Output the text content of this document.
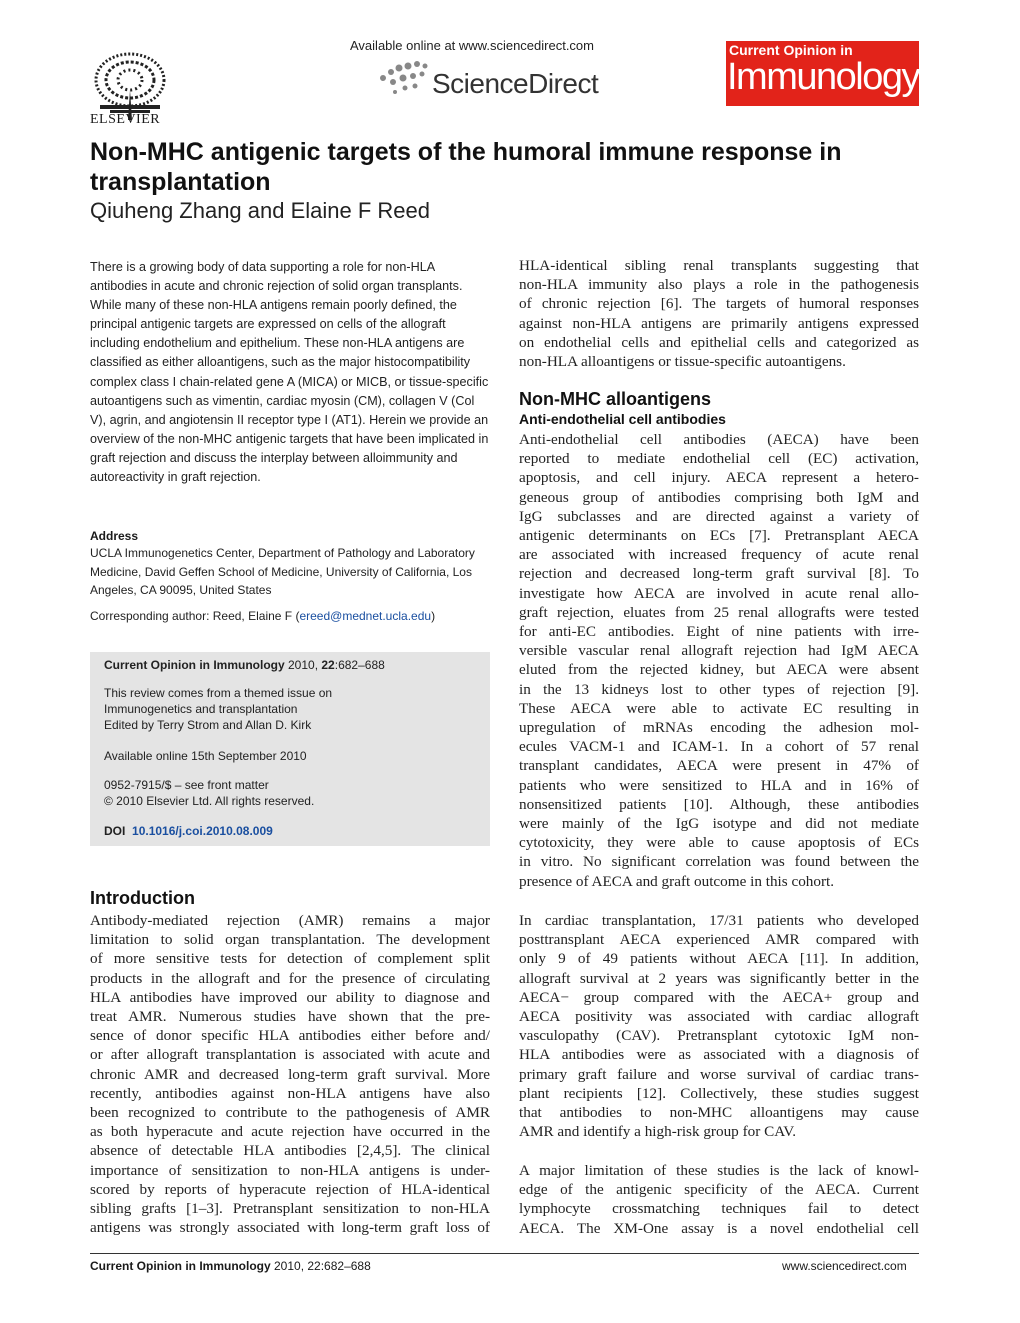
ELSEVIER
Available online at www.sciencedirect.com
ScienceDirect
Current Opinion in
Immunology
Non-MHC antigenic targets of the humoral immune response in transplantation
Qiuheng Zhang and Elaine F Reed
There is a growing body of data supporting a role for non-HLA antibodies in acute and chronic rejection of solid organ transplants. While many of these non-HLA antigens remain poorly defined, the principal antigenic targets are expressed on cells of the allograft including endothelium and epithelium. These non-HLA antigens are classified as either alloantigens, such as the major histocompatibility complex class I chain-related gene A (MICA) or MICB, or tissue-specific autoantigens such as vimentin, cardiac myosin (CM), collagen V (Col V), agrin, and angiotensin II receptor type I (AT1). Herein we provide an overview of the non-MHC antigenic targets that have been implicated in graft rejection and discuss the interplay between alloimmunity and autoreactivity in graft rejection.
Address
UCLA Immunogenetics Center, Department of Pathology and Laboratory Medicine, David Geffen School of Medicine, University of California, Los Angeles, CA 90095, United States
Corresponding author: Reed, Elaine F (ereed@mednet.ucla.edu)
Current Opinion in Immunology 2010, 22:682–688
This review comes from a themed issue on
Immunogenetics and transplantation
Edited by Terry Strom and Allan D. Kirk
Available online 15th September 2010
0952-7915/$ – see front matter
© 2010 Elsevier Ltd. All rights reserved.
DOI 10.1016/j.coi.2010.08.009
Introduction
Antibody-mediated rejection (AMR) remains a major
limitation to solid organ transplantation. The development
of more sensitive tests for detection of complement split
products in the allograft and for the presence of circulating
HLA antibodies have improved our ability to diagnose and
treat AMR. Numerous studies have shown that the pre-
sence of donor specific HLA antibodies either before and/
or after allograft transplantation is associated with acute and
chronic AMR and decreased long-term graft survival. More
recently, antibodies against non-HLA antigens have also
been recognized to contribute to the pathogenesis of AMR
as both hyperacute and acute rejection have occurred in the
absence of detectable HLA antibodies [2,4,5]. The clinical
importance of sensitization to non-HLA antigens is under-
scored by reports of hyperacute rejection of HLA-identical
sibling grafts [1–3]. Pretransplant sensitization to non-HLA
antigens was strongly associated with long-term graft loss of
HLA-identical sibling renal transplants suggesting that
non-HLA immunity also plays a role in the pathogenesis
of chronic rejection [6]. The targets of humoral responses
against non-HLA antigens are primarily antigens expressed
on endothelial cells and epithelial cells and categorized as
non-HLA alloantigens or tissue-specific autoantigens.
Non-MHC alloantigens
Anti-endothelial cell antibodies
Anti-endothelial cell antibodies (AECA) have been
reported to mediate endothelial cell (EC) activation,
apoptosis, and cell injury. AECA represent a hetero-
geneous group of antibodies comprising both IgM and
IgG subclasses and are directed against a variety of
antigenic determinants on ECs [7]. Pretransplant AECA
are associated with increased frequency of acute renal
rejection and decreased long-term graft survival [8]. To
investigate how AECA are involved in acute renal allo-
graft rejection, eluates from 25 renal allografts were tested
for anti-EC antibodies. Eight of nine patients with irre-
versible vascular renal allograft rejection had IgM AECA
eluted from the rejected kidney, but AECA were absent
in the 13 kidneys lost to other types of rejection [9].
These AECA were able to activate EC resulting in
upregulation of mRNAs encoding the adhesion mol-
ecules VACM-1 and ICAM-1. In a cohort of 57 renal
transplant candidates, AECA were present in 47% of
patients who were sensitized to HLA and in 16% of
nonsensitized patients [10]. Although, these antibodies
were mainly of the IgG isotype and did not mediate
cytotoxicity, they were able to cause apoptosis of ECs
in vitro. No significant correlation was found between the
presence of AECA and graft outcome in this cohort.
In cardiac transplantation, 17/31 patients who developed
posttransplant AECA experienced AMR compared with
only 9 of 49 patients without AECA [11]. In addition,
allograft survival at 2 years was significantly better in the
AECA− group compared with the AECA+ group and
AECA positivity was associated with cardiac allograft
vasculopathy (CAV). Pretransplant cytotoxic IgM non-
HLA antibodies were as associated with a diagnosis of
primary graft failure and worse survival of cardiac trans-
plant recipients [12]. Collectively, these studies suggest
that antibodies to non-MHC alloantigens may cause
AMR and identify a high-risk group for CAV.
A major limitation of these studies is the lack of knowl-
edge of the antigenic specificity of the AECA. Current
lymphocyte crossmatching techniques fail to detect
AECA. The XM-One assay is a novel endothelial cell
Current Opinion in Immunology 2010, 22:682–688	www.sciencedirect.com
